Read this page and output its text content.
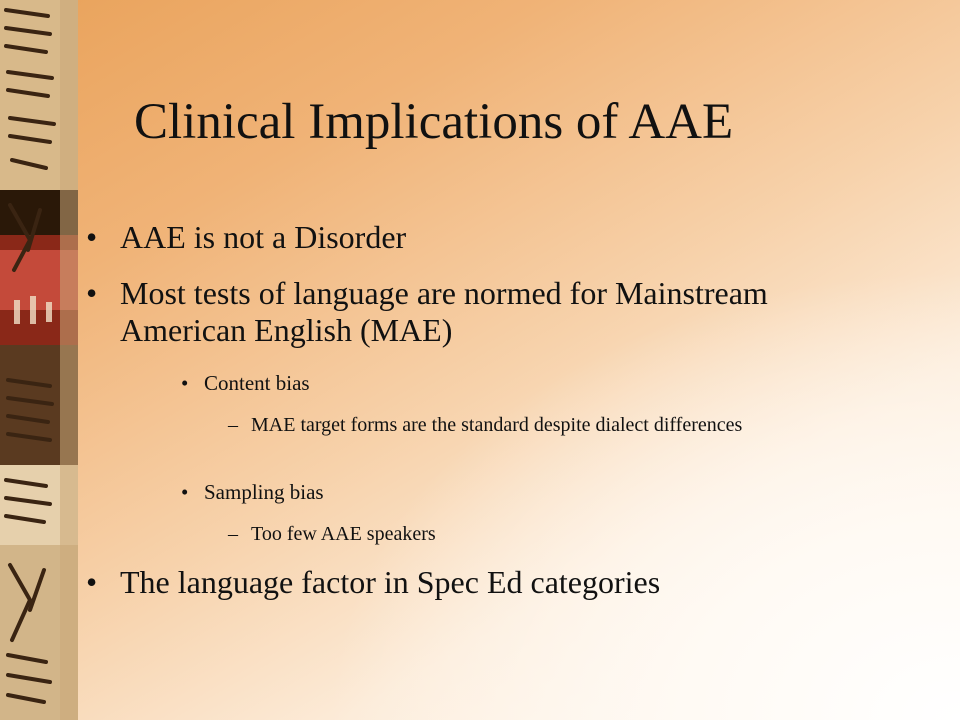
Clinical Implications of AAE
• AAE is not a Disorder
• Most tests of language are normed for Mainstream American English (MAE)
• Content bias
– MAE target forms are the standard despite dialect differences
• Sampling bias
– Too few AAE speakers
• The language factor in Spec Ed categories
